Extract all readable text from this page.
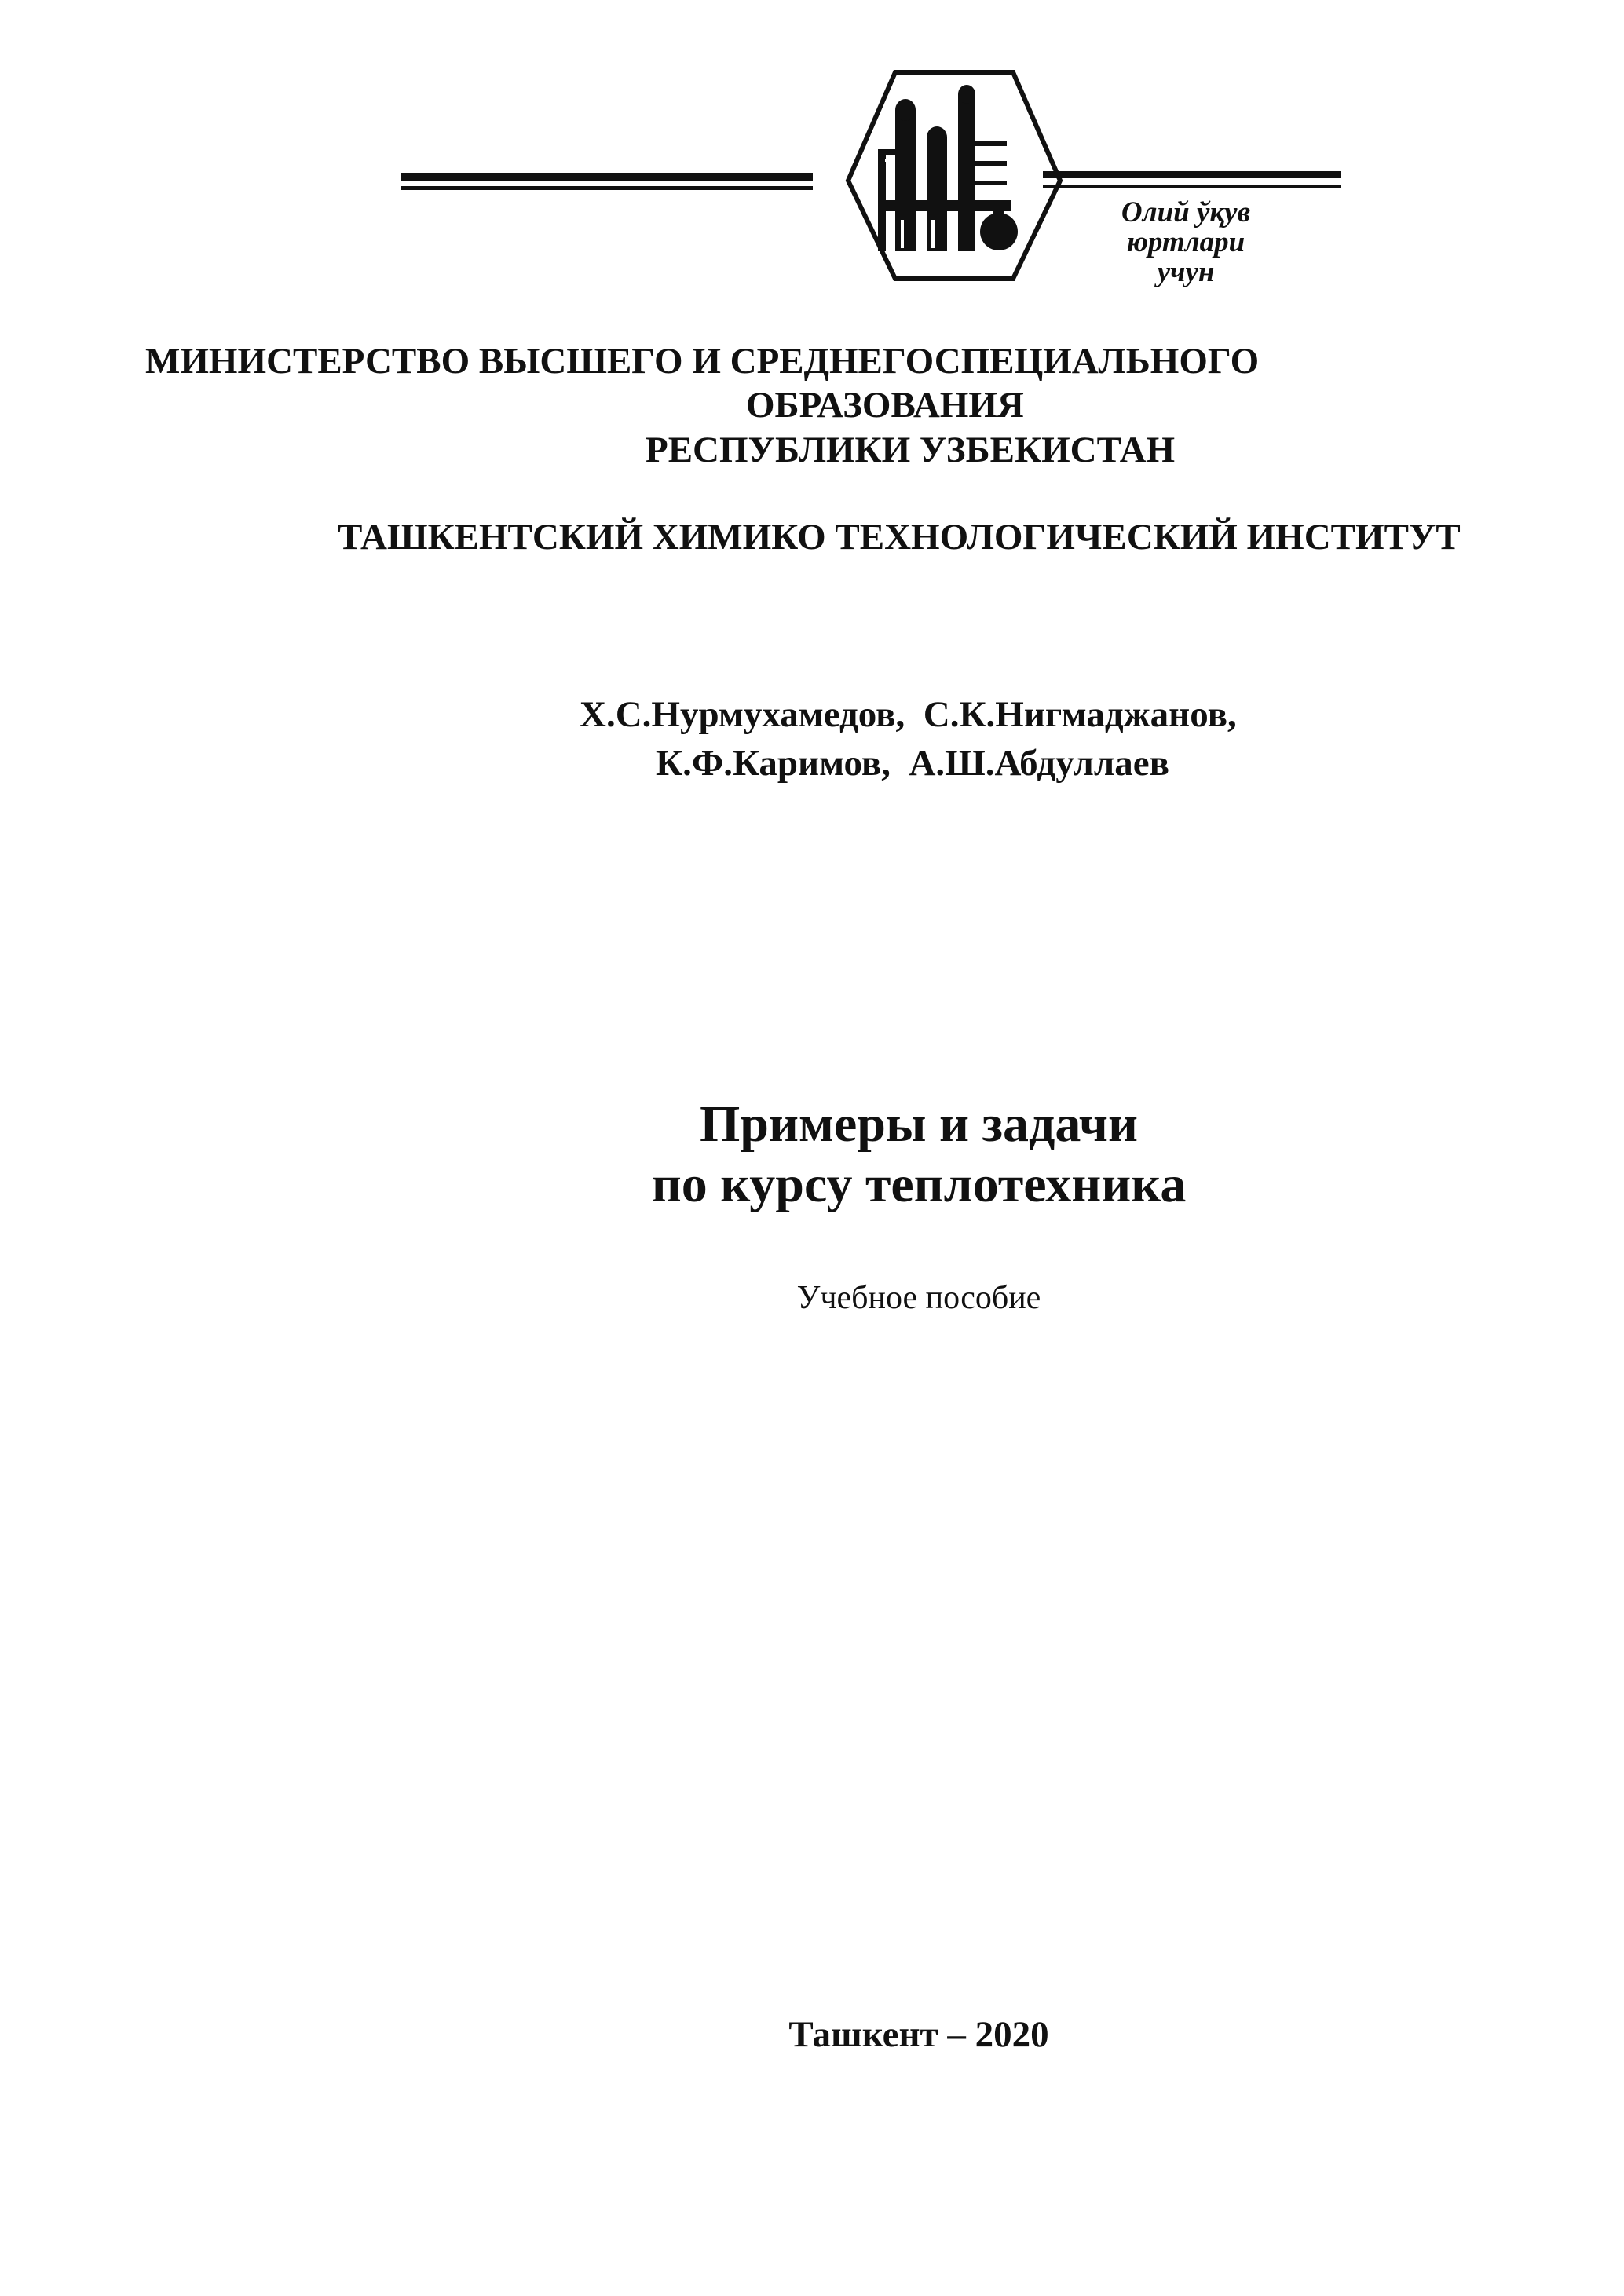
Олий ўқув
юртлари
учун
МИНИСТЕРСТВО ВЫСШЕГО И СРЕДНЕГОСПЕЦИАЛЬНОГО
ОБРАЗОВАНИЯ
РЕСПУБЛИКИ УЗБЕКИСТАН
ТАШКЕНТСКИЙ ХИМИКО ТЕХНОЛОГИЧЕСКИЙ ИНСТИТУТ
Х.С.Нурмухамедов,  С.К.Нигмаджанов,
К.Ф.Каримов,  А.Ш.Абдуллаев
Примеры и задачи
по курсу теплотехника
Учебное пособие
Ташкент – 2020
